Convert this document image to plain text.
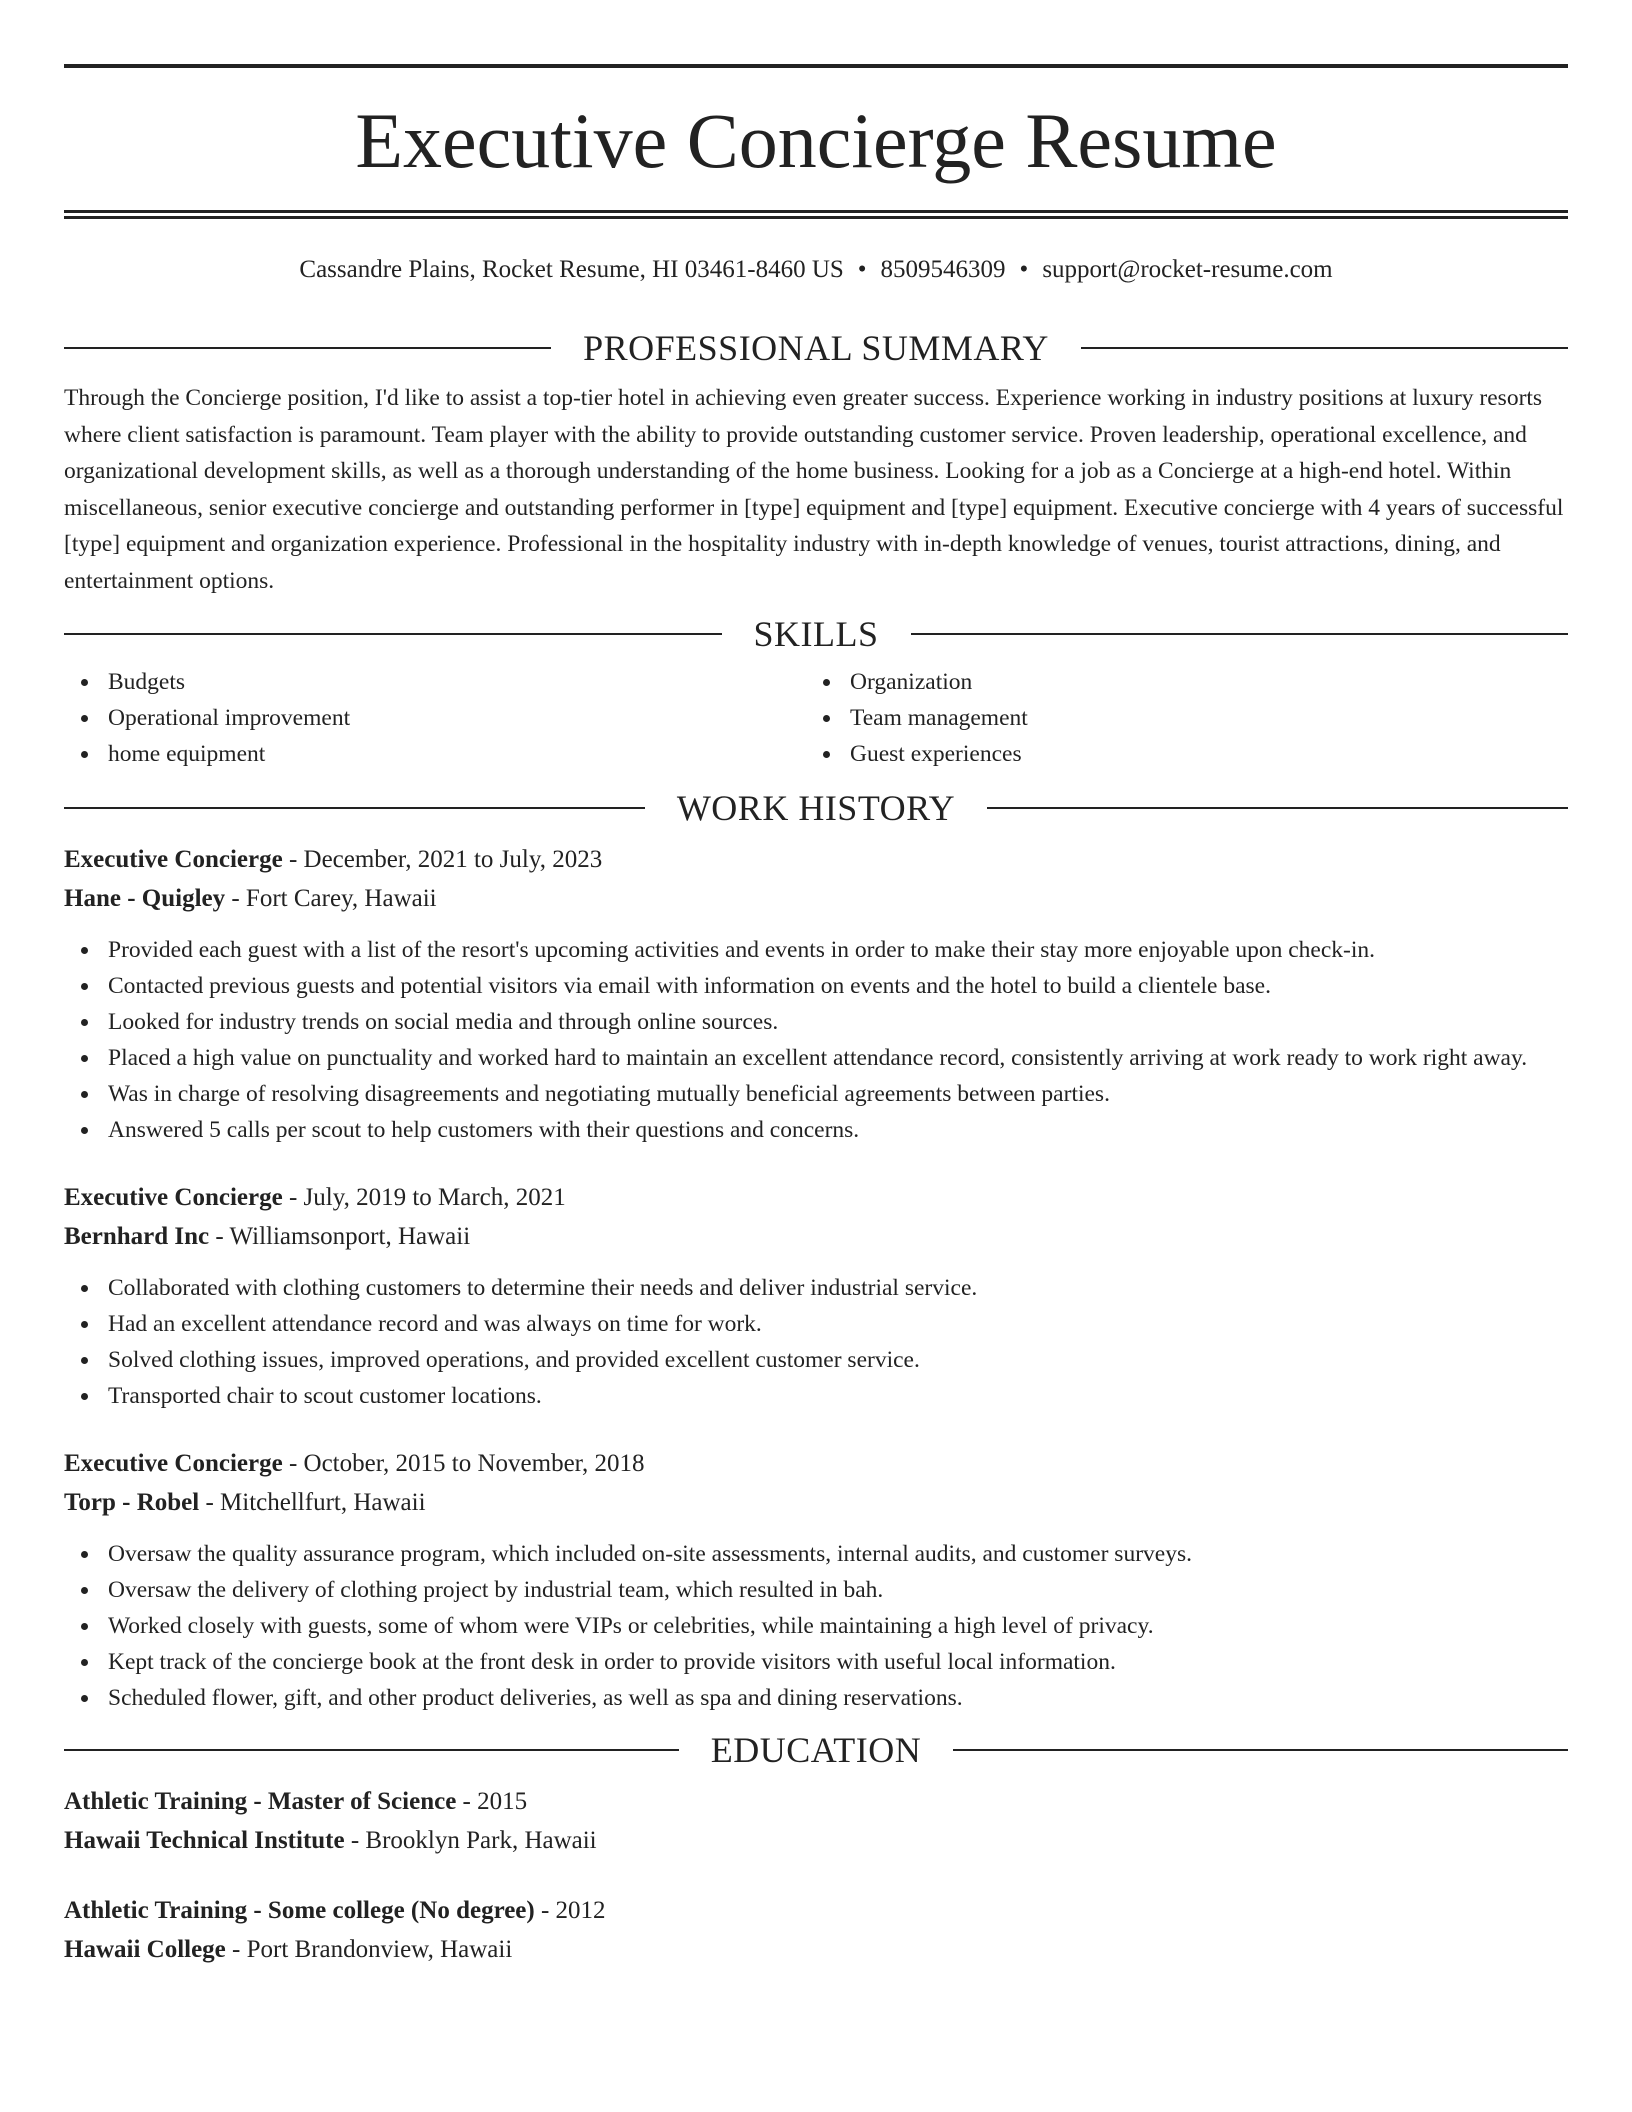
Executive Concierge Resume
Cassandre Plains, Rocket Resume, HI 03461-8460 US • 8509546309 • support@rocket-resume.com
PROFESSIONAL SUMMARY

Through the Concierge position, I'd like to assist a top-tier hotel in achieving even greater success. Experience working in industry positions at luxury resorts where client satisfaction is paramount. Team player with the ability to provide outstanding customer service. Proven leadership, operational excellence, and organizational development skills, as well as a thorough understanding of the home business. Looking for a job as a Concierge at a high-end hotel. Within miscellaneous, senior executive concierge and outstanding performer in [type] equipment and [type] equipment. Executive concierge with 4 years of successful [type] equipment and organization experience. Professional in the hospitality industry with in-depth knowledge of venues, tourist attractions, dining, and entertainment options.

SKILLS
Budgets
Operational improvement
home equipment
Organization
Team management
Guest experiences
WORK HISTORY

Executive Concierge - December, 2021 to July, 2023

Hane - Quigley - Fort Carey, Hawaii

Provided each guest with a list of the resort's upcoming activities and events in order to make their stay more enjoyable upon check-in.
Contacted previous guests and potential visitors via email with information on events and the hotel to build a clientele base.
Looked for industry trends on social media and through online sources.
Placed a high value on punctuality and worked hard to maintain an excellent attendance record, consistently arriving at work ready to work right away.
Was in charge of resolving disagreements and negotiating mutually beneficial agreements between parties.
Answered 5 calls per scout to help customers with their questions and concerns.

Executive Concierge - July, 2019 to March, 2021

Bernhard Inc - Williamsonport, Hawaii

Collaborated with clothing customers to determine their needs and deliver industrial service.
Had an excellent attendance record and was always on time for work.
Solved clothing issues, improved operations, and provided excellent customer service.
Transported chair to scout customer locations.

Executive Concierge - October, 2015 to November, 2018

Torp - Robel - Mitchellfurt, Hawaii

Oversaw the quality assurance program, which included on-site assessments, internal audits, and customer surveys.
Oversaw the delivery of clothing project by industrial team, which resulted in bah.
Worked closely with guests, some of whom were VIPs or celebrities, while maintaining a high level of privacy.
Kept track of the concierge book at the front desk in order to provide visitors with useful local information.
Scheduled flower, gift, and other product deliveries, as well as spa and dining reservations.
EDUCATION

Athletic Training - Master of Science - 2015

Hawaii Technical Institute - Brooklyn Park, Hawaii

Athletic Training - Some college (No degree) - 2012

Hawaii College - Port Brandonview, Hawaii
